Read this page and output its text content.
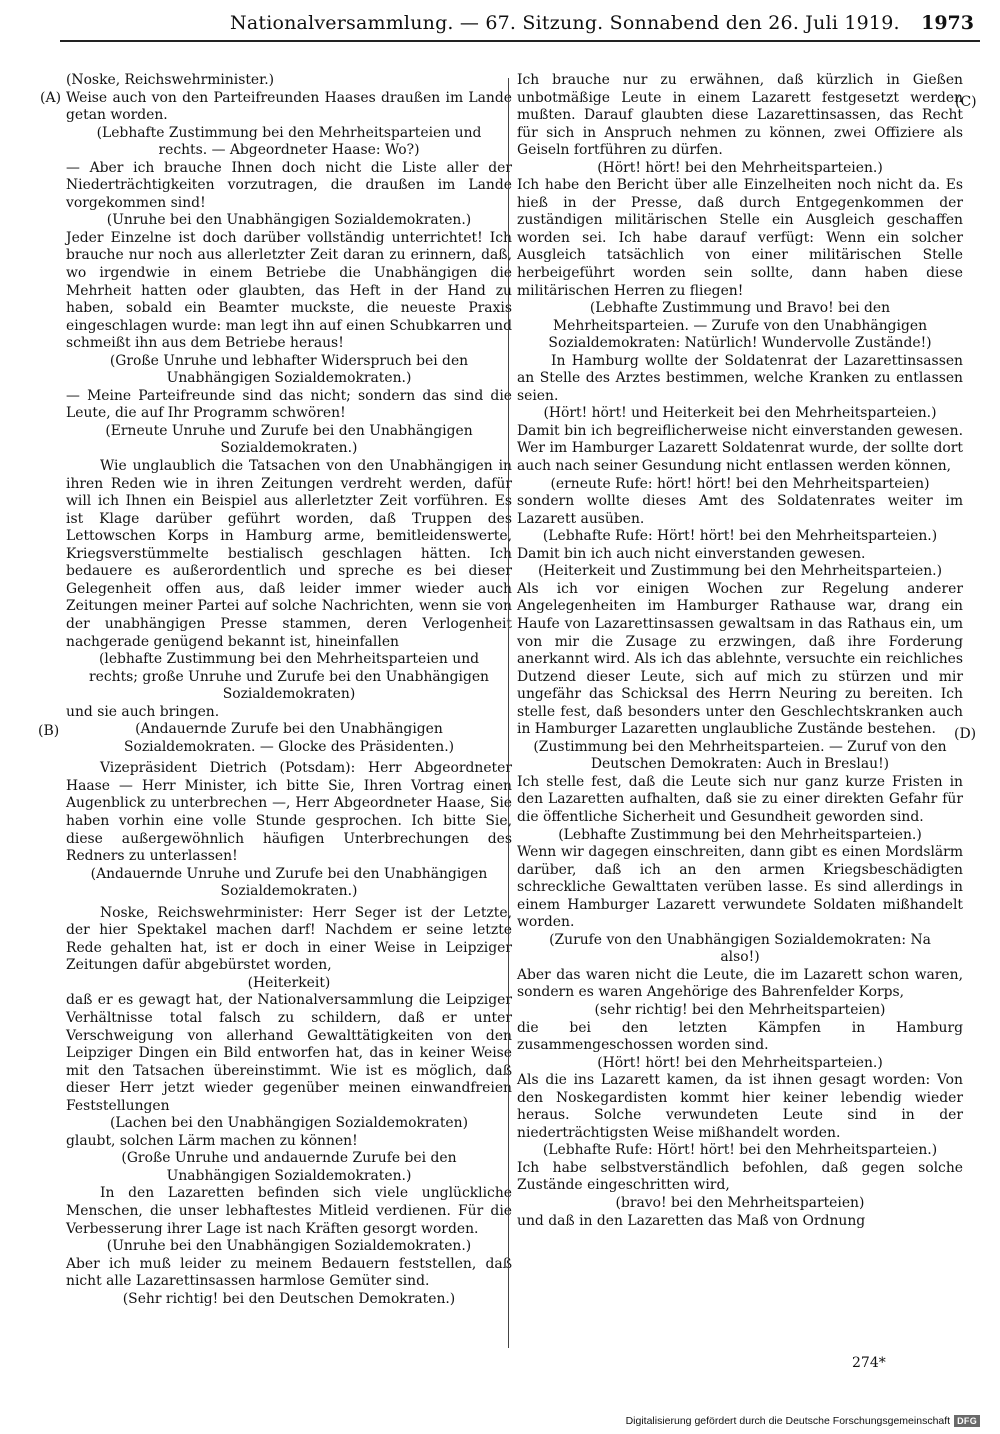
Nationalversammlung. — 67. Sitzung. Sonnabend den 26. Juli 1919. 1973
(A)
(B)
(C)
(D)

(Noske, Reichswehrminister.)

Weise auch von den Parteifreunden Haases draußen im Lande getan worden.

(Lebhafte Zustimmung bei den Mehrheitsparteien und rechts. — Abgeordneter Haase: Wo?)

— Aber ich brauche Ihnen doch nicht die Liste aller der Niederträchtigkeiten vorzutragen, die draußen im Lande vorgekommen sind!

(Unruhe bei den Unabhängigen Sozialdemokraten.)

Jeder Einzelne ist doch darüber vollständig unterrichtet! Ich brauche nur noch aus allerletzter Zeit daran zu erinnern, daß, wo irgendwie in einem Betriebe die Unabhängigen die Mehrheit hatten oder glaubten, das Heft in der Hand zu haben, sobald ein Beamter muckste, die neueste Praxis eingeschlagen wurde: man legt ihn auf einen Schubkarren und schmeißt ihn aus dem Betriebe heraus!

(Große Unruhe und lebhafter Widerspruch bei den Unabhängigen Sozialdemokraten.)

— Meine Parteifreunde sind das nicht; sondern das sind die Leute, die auf Ihr Programm schwören!

(Erneute Unruhe und Zurufe bei den Unabhängigen Sozialdemokraten.)

Wie unglaublich die Tatsachen von den Unabhängigen in ihren Reden wie in ihren Zeitungen verdreht werden, dafür will ich Ihnen ein Beispiel aus allerletzter Zeit vorführen. Es ist Klage darüber geführt worden, daß Truppen des Lettowschen Korps in Hamburg arme, bemitleidenswerte, Kriegsverstümmelte bestialisch geschlagen hätten. Ich bedauere es außerordentlich und spreche es bei dieser Gelegenheit offen aus, daß leider immer wieder auch Zeitungen meiner Partei auf solche Nachrichten, wenn sie von der unabhängigen Presse stammen, deren Verlogenheit nachgerade genügend bekannt ist, hineinfallen

(lebhafte Zustimmung bei den Mehrheitsparteien und rechts; große Unruhe und Zurufe bei den Unabhängigen Sozialdemokraten)

und sie auch bringen.

(Andauernde Zurufe bei den Unabhängigen Sozialdemokraten. — Glocke des Präsidenten.)

Vizepräsident Dietrich (Potsdam): Herr Abgeordneter Haase — Herr Minister, ich bitte Sie, Ihren Vortrag einen Augenblick zu unterbrechen —, Herr Abgeordneter Haase, Sie haben vorhin eine volle Stunde gesprochen. Ich bitte Sie, diese außergewöhnlich häufigen Unterbrechungen des Redners zu unterlassen!

(Andauernde Unruhe und Zurufe bei den Unabhängigen Sozialdemokraten.)

Noske, Reichswehrminister: Herr Seger ist der Letzte, der hier Spektakel machen darf! Nachdem er seine letzte Rede gehalten hat, ist er doch in einer Weise in Leipziger Zeitungen dafür abgebürstet worden,

(Heiterkeit)

daß er es gewagt hat, der Nationalversammlung die Leipziger Verhältnisse total falsch zu schildern, daß er unter Verschweigung von allerhand Gewalttätigkeiten von den Leipziger Dingen ein Bild entworfen hat, das in keiner Weise mit den Tatsachen übereinstimmt. Wie ist es möglich, daß dieser Herr jetzt wieder gegenüber meinen einwandfreien Feststellungen

(Lachen bei den Unabhängigen Sozialdemokraten)

glaubt, solchen Lärm machen zu können!

(Große Unruhe und andauernde Zurufe bei den Unabhängigen Sozialdemokraten.)

In den Lazaretten befinden sich viele unglückliche Menschen, die unser lebhaftestes Mitleid verdienen. Für die Verbesserung ihrer Lage ist nach Kräften gesorgt worden.

(Unruhe bei den Unabhängigen Sozialdemokraten.)

Aber ich muß leider zu meinem Bedauern feststellen, daß nicht alle Lazarettinsassen harmlose Gemüter sind.

(Sehr richtig! bei den Deutschen Demokraten.)

Ich brauche nur zu erwähnen, daß kürzlich in Gießen unbotmäßige Leute in einem Lazarett festgesetzt werden mußten. Darauf glaubten diese Lazarettinsassen, das Recht für sich in Anspruch nehmen zu können, zwei Offiziere als Geiseln fortführen zu dürfen.

(Hört! hört! bei den Mehrheitsparteien.)

Ich habe den Bericht über alle Einzelheiten noch nicht da. Es hieß in der Presse, daß durch Entgegenkommen der zuständigen militärischen Stelle ein Ausgleich geschaffen worden sei. Ich habe darauf verfügt: Wenn ein solcher Ausgleich tatsächlich von einer militärischen Stelle herbeigeführt worden sein sollte, dann haben diese militärischen Herren zu fliegen!

(Lebhafte Zustimmung und Bravo! bei den Mehrheitsparteien. — Zurufe von den Unabhängigen Sozialdemokraten: Natürlich! Wundervolle Zustände!)

In Hamburg wollte der Soldatenrat der Lazarettinsassen an Stelle des Arztes bestimmen, welche Kranken zu entlassen seien.

(Hört! hört! und Heiterkeit bei den Mehrheitsparteien.)

Damit bin ich begreiflicherweise nicht einverstanden gewesen. Wer im Hamburger Lazarett Soldatenrat wurde, der sollte dort auch nach seiner Gesundung nicht entlassen werden können,

(erneute Rufe: hört! hört! bei den Mehrheitsparteien)

sondern wollte dieses Amt des Soldatenrates weiter im Lazarett ausüben.

(Lebhafte Rufe: Hört! hört! bei den Mehrheitsparteien.)

Damit bin ich auch nicht einverstanden gewesen.

(Heiterkeit und Zustimmung bei den Mehrheitsparteien.)

Als ich vor einigen Wochen zur Regelung anderer Angelegenheiten im Hamburger Rathause war, drang ein Haufe von Lazarettinsassen gewaltsam in das Rathaus ein, um von mir die Zusage zu erzwingen, daß ihre Forderung anerkannt wird. Als ich das ablehnte, versuchte ein reichliches Dutzend dieser Leute, sich auf mich zu stürzen und mir ungefähr das Schicksal des Herrn Neuring zu bereiten. Ich stelle fest, daß besonders unter den Geschlechtskranken auch in Hamburger Lazaretten unglaubliche Zustände bestehen.

(Zustimmung bei den Mehrheitsparteien. — Zuruf von den Deutschen Demokraten: Auch in Breslau!)

Ich stelle fest, daß die Leute sich nur ganz kurze Fristen in den Lazaretten aufhalten, daß sie zu einer direkten Gefahr für die öffentliche Sicherheit und Gesundheit geworden sind.

(Lebhafte Zustimmung bei den Mehrheitsparteien.)

Wenn wir dagegen einschreiten, dann gibt es einen Mordslärm darüber, daß ich an den armen Kriegsbeschädigten schreckliche Gewalttaten verüben lasse. Es sind allerdings in einem Hamburger Lazarett verwundete Soldaten mißhandelt worden.

(Zurufe von den Unabhängigen Sozialdemokraten: Na also!)

Aber das waren nicht die Leute, die im Lazarett schon waren, sondern es waren Angehörige des Bahrenfelder Korps,

(sehr richtig! bei den Mehrheitsparteien)

die bei den letzten Kämpfen in Hamburg zusammengeschossen worden sind.

(Hört! hört! bei den Mehrheitsparteien.)

Als die ins Lazarett kamen, da ist ihnen gesagt worden: Von den Noskegardisten kommt hier keiner lebendig wieder heraus. Solche verwundeten Leute sind in der niederträchtigsten Weise mißhandelt worden.

(Lebhafte Rufe: Hört! hört! bei den Mehrheitsparteien.)

Ich habe selbstverständlich befohlen, daß gegen solche Zustände eingeschritten wird,

(bravo! bei den Mehrheitsparteien)

und daß in den Lazaretten das Maß von Ordnung

274*
Digitalisierung gefördert durch die Deutsche Forschungsgemeinschaft DFG
